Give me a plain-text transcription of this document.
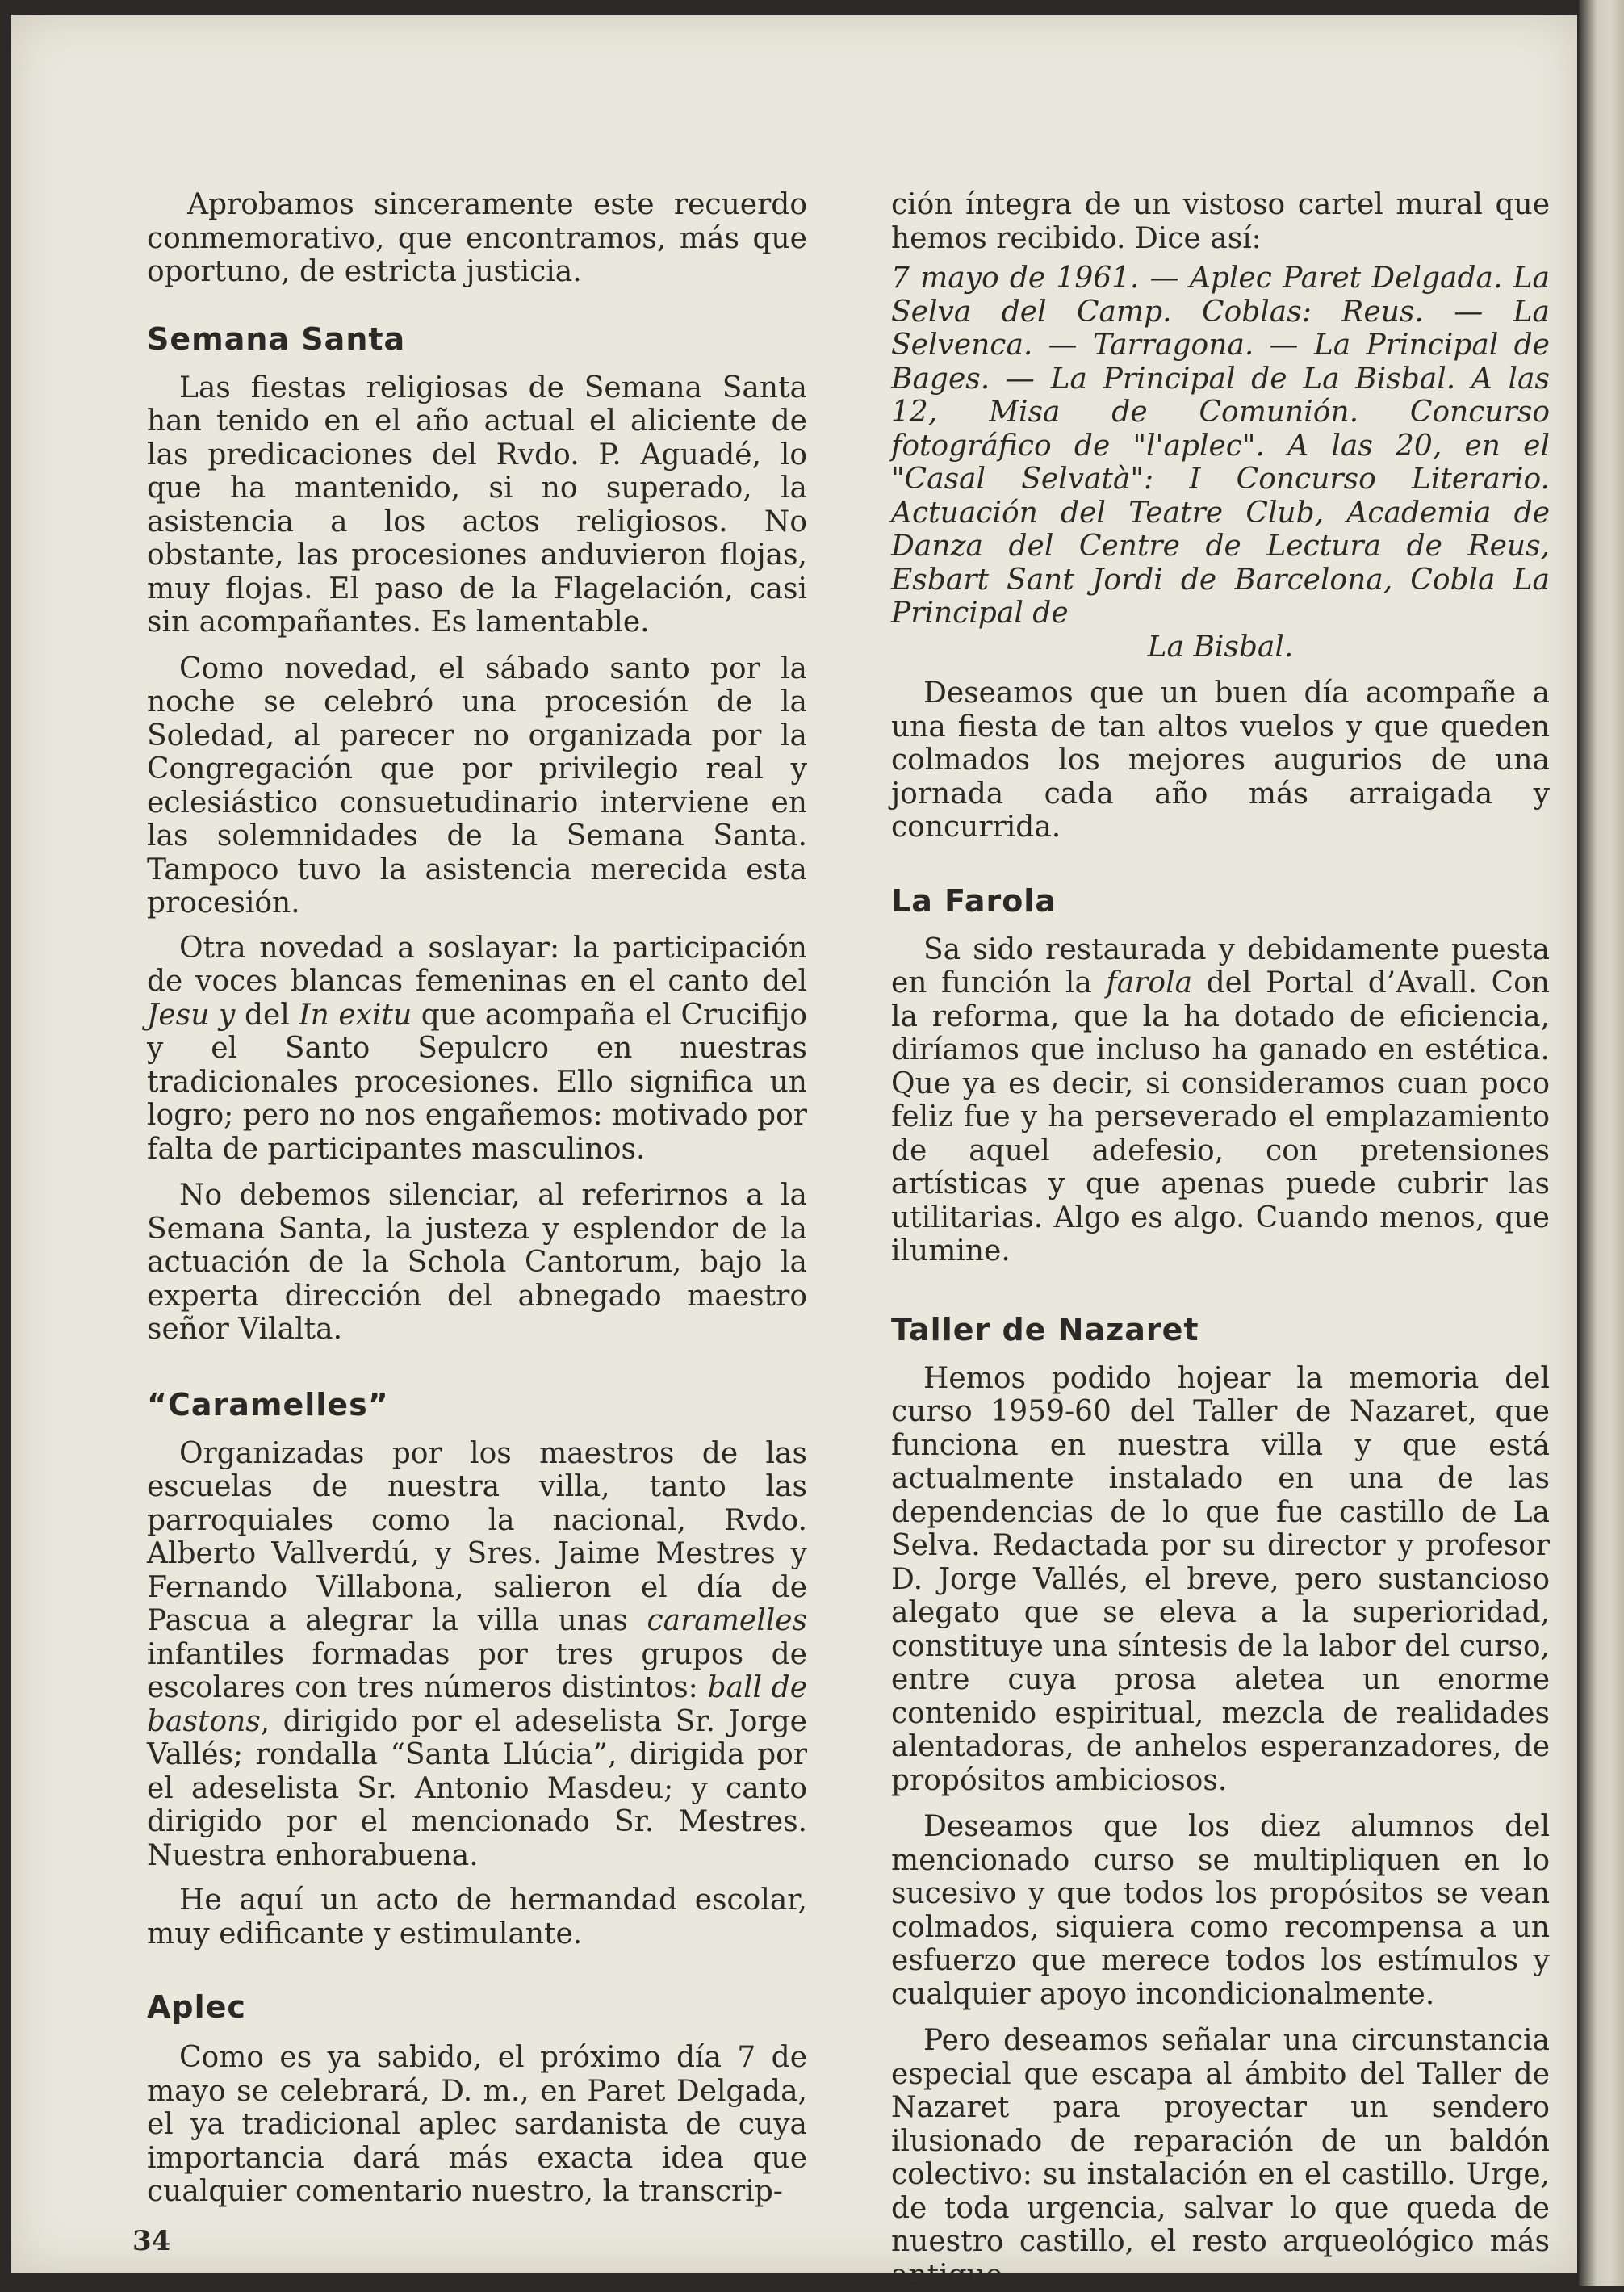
Aprobamos sinceramente este recuerdo conmemorativo, que encontramos, más que oportuno, de estricta justicia.

Semana Santa

Las fiestas religiosas de Semana Santa han tenido en el año actual el aliciente de las predicaciones del Rvdo. P. Aguadé, lo que ha mantenido, si no superado, la asistencia a los actos religiosos. No obstante, las procesiones anduvieron flojas, muy flojas. El paso de la Flagelación, casi sin acompañantes. Es lamentable.

Como novedad, el sábado santo por la noche se celebró una procesión de la Soledad, al parecer no organizada por la Congregación que por privilegio real y eclesiástico consuetudinario interviene en las solemnidades de la Semana Santa. Tampoco tuvo la asistencia merecida esta procesión.

Otra novedad a soslayar: la participación de voces blancas femeninas en el canto del Jesu y del In exitu que acompaña el Crucifijo y el Santo Sepulcro en nuestras tradicionales procesiones. Ello significa un logro; pero no nos engañemos: motivado por falta de participantes masculinos.

No debemos silenciar, al referirnos a la Semana Santa, la justeza y esplendor de la actuación de la Schola Cantorum, bajo la experta dirección del abnegado maestro señor Vilalta.

“Caramelles”

Organizadas por los maestros de las escuelas de nuestra villa, tanto las parroquiales como la nacional, Rvdo. Alberto Vallverdú, y Sres. Jaime Mestres y Fernando Villabona, salieron el día de Pascua a alegrar la villa unas caramelles infantiles formadas por tres grupos de escolares con tres números distintos: ball de bastons, dirigido por el adeselista Sr. Jorge Vallés; rondalla “Santa Llúcia”, dirigida por el adeselista Sr. Antonio Masdeu; y canto dirigido por el mencionado Sr. Mestres. Nuestra enhorabuena.

He aquí un acto de hermandad escolar, muy edificante y estimulante.

Aplec

Como es ya sabido, el próximo día 7 de mayo se celebrará, D. m., en Paret Delgada, el ya tradicional aplec sardanista de cuya importancia dará más exacta idea que cualquier comentario nuestro, la transcrip-

ción íntegra de un vistoso cartel mural que hemos recibido. Dice así:

7 mayo de 1961. — Aplec Paret Delgada. La Selva del Camp. Coblas: Reus. — La Selvenca. — Tarragona. — La Principal de Bages. — La Principal de La Bisbal. A las 12, Misa de Comunión. Concurso fotográfico de "l'aplec". A las 20, en el "Casal Selvatà": I Concurso Literario. Actuación del Teatre Club, Academia de Danza del Centre de Lectura de Reus, Esbart Sant Jordi de Barcelona, Cobla La Principal de
La Bisbal.

Deseamos que un buen día acompañe a una fiesta de tan altos vuelos y que queden colmados los mejores augurios de una jornada cada año más arraigada y concurrida.

La Farola

Sa sido restaurada y debidamente puesta en función la farola del Portal d’Avall. Con la reforma, que la ha dotado de eficiencia, diríamos que incluso ha ganado en estética. Que ya es decir, si consideramos cuan poco feliz fue y ha perseverado el emplazamiento de aquel adefesio, con pretensiones artísticas y que apenas puede cubrir las utilitarias. Algo es algo. Cuando menos, que ilumine.

Taller de Nazaret

Hemos podido hojear la memoria del curso 1959-60 del Taller de Nazaret, que funciona en nuestra villa y que está actualmente instalado en una de las dependencias de lo que fue castillo de La Selva. Redactada por su director y profesor D. Jorge Vallés, el breve, pero sustancioso alegato que se eleva a la superioridad, constituye una síntesis de la labor del curso, entre cuya prosa aletea un enorme contenido espiritual, mezcla de realidades alentadoras, de anhelos esperanzadores, de propósitos ambiciosos.

Deseamos que los diez alumnos del mencionado curso se multipliquen en lo sucesivo y que todos los propósitos se vean colmados, siquiera como recompensa a un esfuerzo que merece todos los estímulos y cualquier apoyo incondicionalmente.

Pero deseamos señalar una circunstancia especial que escapa al ámbito del Taller de Nazaret para proyectar un sendero ilusionado de reparación de un baldón colectivo: su instalación en el castillo. Urge, de toda urgencia, salvar lo que queda de nuestro castillo, el resto arqueológico más antiguo

34
